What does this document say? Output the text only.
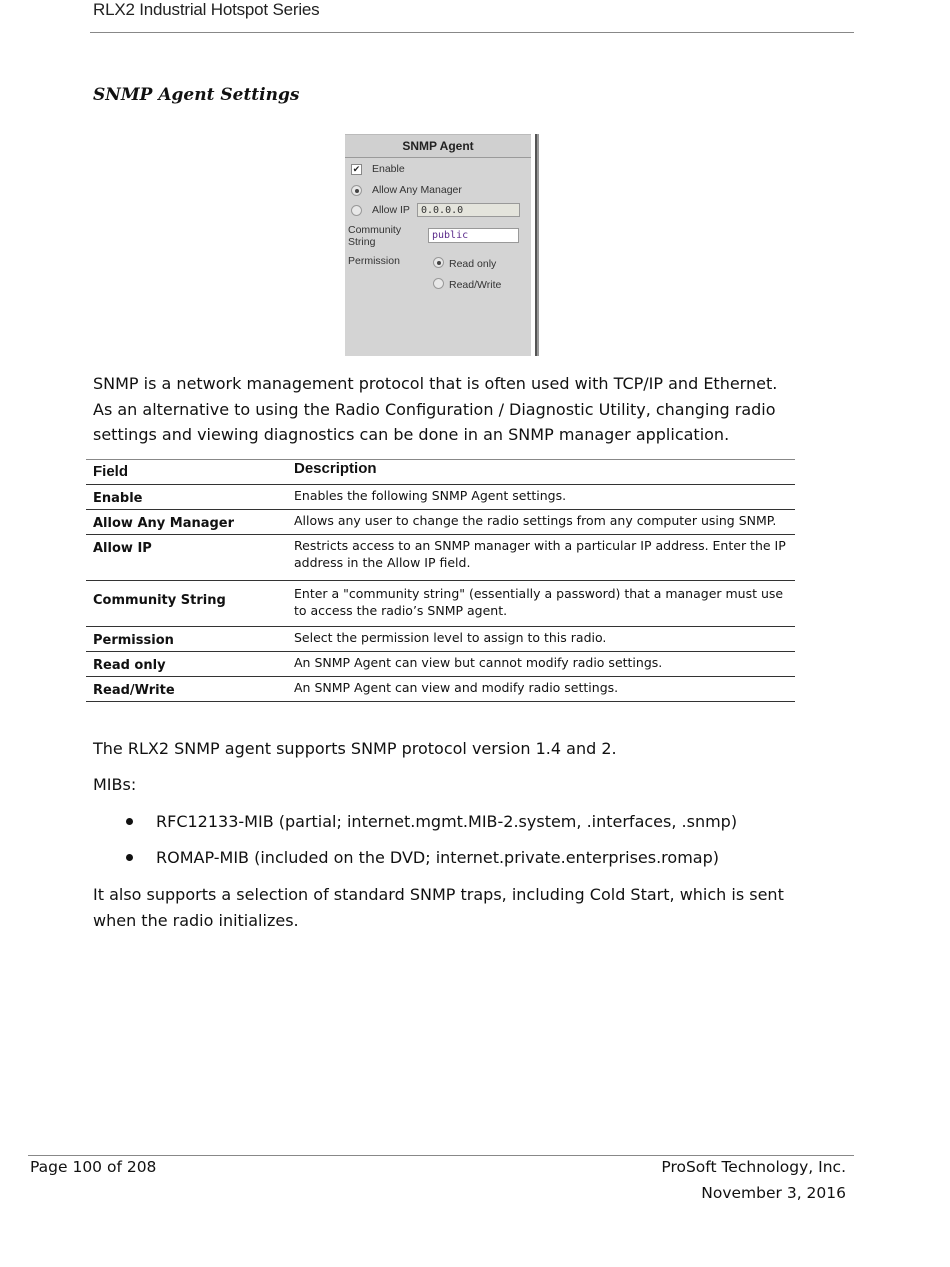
RLX2 Industrial Hotspot Series
SNMP Agent Settings
SNMP Agent
✔ Enable
Allow Any Manager
Allow IP	0.0.0.0
Community
String
public
Permission	Read only
Read/Write
SNMP is a network management protocol that is often used with TCP/IP and Ethernet.
As an alternative to using the Radio Configuration / Diagnostic Utility, changing radio
settings and viewing diagnostics can be done in an SNMP manager application.
Field	Description
Enable	Enables the following SNMP Agent settings.
Allow Any Manager	Allows any user to change the radio settings from any computer using SNMP.
Allow IP	Restricts access to an SNMP manager with a particular IP address. Enter the IP address in the Allow IP field.
Community String	Enter a "community string" (essentially a password) that a manager must use to access the radio’s SNMP agent.
Permission	Select the permission level to assign to this radio.
Read only	An SNMP Agent can view but cannot modify radio settings.
Read/Write	An SNMP Agent can view and modify radio settings.
The RLX2 SNMP agent supports SNMP protocol version 1.4 and 2.
MIBs:
RFC12133-MIB (partial; internet.mgmt.MIB-2.system, .interfaces, .snmp)
ROMAP-MIB (included on the DVD; internet.private.enterprises.romap)
It also supports a selection of standard SNMP traps, including Cold Start, which is sent
when the radio initializes.
Page 100 of 208	ProSoft Technology, Inc.
November 3, 2016
